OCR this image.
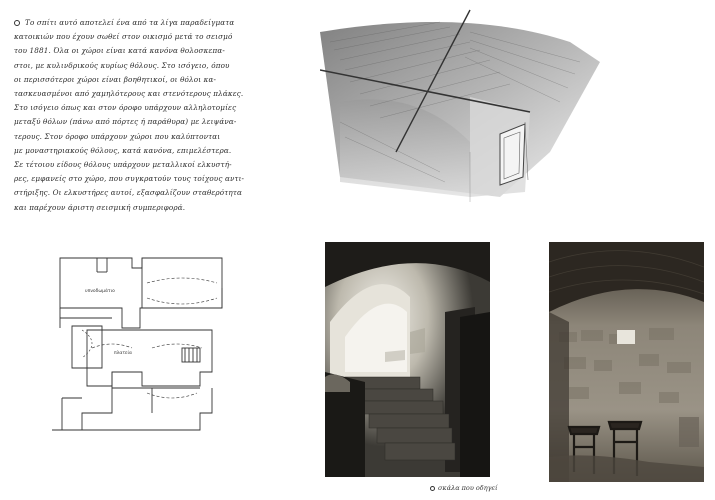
Το σπίτι αυτό αποτελεί ένα από τα λίγα παραδείγματα

κατοικιών που έχουν σωθεί στον οικισμό μετά το σεισμό

του 1881. Όλα οι χώροι είναι κατά κανόνα θολοσκεπα-

στοι, με κυλινδρικούς κυρίως θόλους. Στο ισόγειο, όπου

οι περισσότεροι χώροι είναι βοηθητικοί, οι θόλοι κα-

τασκευασμένοι από χαμηλότερους και στενότερους πλάκες.

Στο ισόγειο όπως και στον όροφο υπάρχουν αλληλοτομίες

μεταξύ θόλων (πάνω από πόρτες ή παράθυρα) με λειψάνα-

τερους. Στον όροφο υπάρχουν χώροι που καλύπτονται

με μοναστηριακούς θόλους, κατά κανόνα, επιμελέστερα.

Σε τέτοιου είδους θόλους υπάρχουν μεταλλικοί ελκυστή-

ρες, εμφανείς στο χώρο, που συγκρατούν τους τοίχους αντι-

στήριξης. Οι ελκυστήρες αυτοί, εξασφαλίζουν σταθερότητα

και παρέχουν άριστη σεισμική συμπεριφορά.

υπνοδωμάτιο
πλατεία
σκάλα που οδηγεί
